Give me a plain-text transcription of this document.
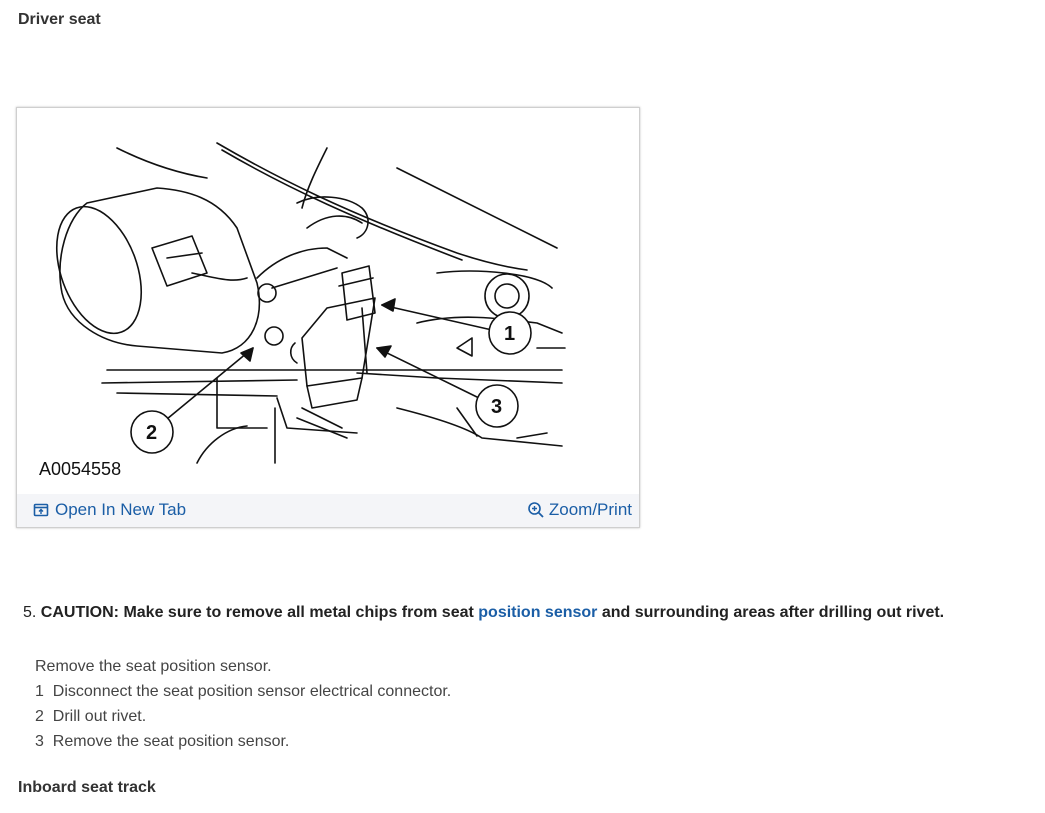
Driver seat
1
3
2
A0054558
Open In New Tab	Zoom/Print
5. CAUTION: Make sure to remove all metal chips from seat position sensor and surrounding areas after drilling out rivet.
Remove the seat position sensor.
1 Disconnect the seat position sensor electrical connector.
2 Drill out rivet.
3 Remove the seat position sensor.
Inboard seat track
